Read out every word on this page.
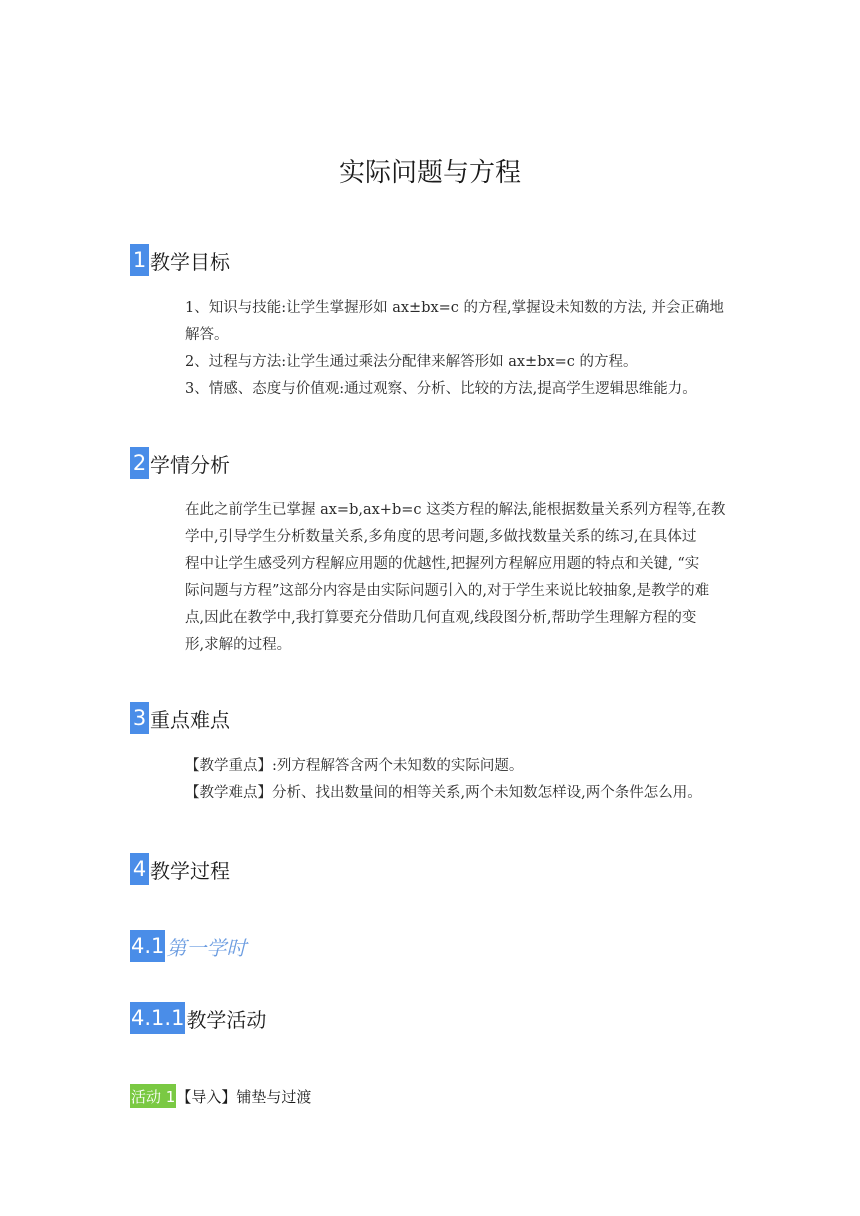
实际问题与方程
1 教学目标

1、知识与技能:让学生掌握形如 ax±bx=c 的方程,掌握设未知数的方法, 并会正确地

解答。

2、过程与方法:让学生通过乘法分配律来解答形如 ax±bx=c 的方程。

3、情感、态度与价值观:通过观察、分析、比较的方法,提高学生逻辑思维能力。

2 学情分析

在此之前学生已掌握 ax=b,ax+b=c 这类方程的解法,能根据数量关系列方程等,在教

学中,引导学生分析数量关系,多角度的思考问题,多做找数量关系的练习,在具体过

程中让学生感受列方程解应用题的优越性,把握列方程解应用题的特点和关键, “实

际问题与方程”这部分内容是由实际问题引入的,对于学生来说比较抽象,是教学的难

点,因此在教学中,我打算要充分借助几何直观,线段图分析,帮助学生理解方程的变

形,求解的过程。

3 重点难点

【教学重点】:列方程解答含两个未知数的实际问题。

【教学难点】分析、找出数量间的相等关系,两个未知数怎样设,两个条件怎么用。

4 教学过程
4.1 第一学时
4.1.1 教学活动
活动 1 【导入】铺垫与过渡
